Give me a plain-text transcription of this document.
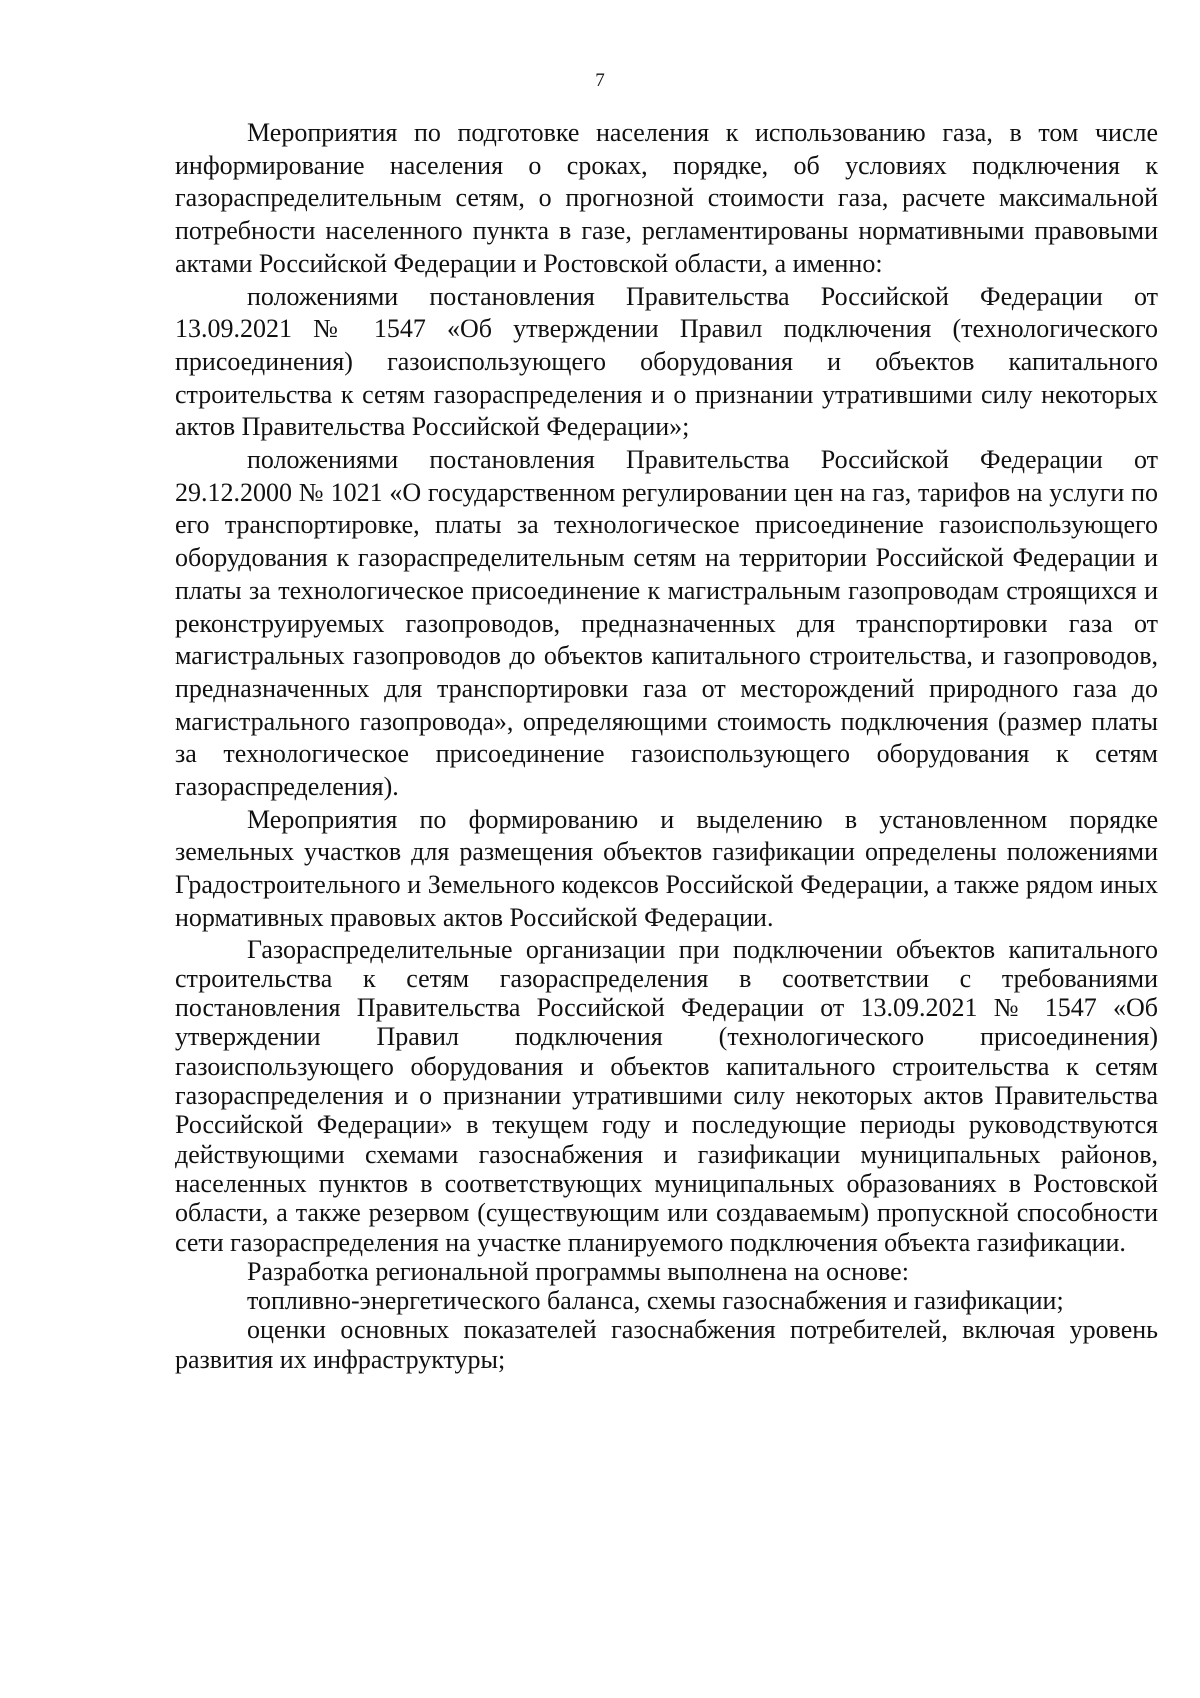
7

Мероприятия по подготовке населения к использованию газа, в том числе информирование населения о сроках, порядке, об условиях подключения к газораспределительным сетям, о прогнозной стоимости газа, расчете максимальной потребности населенного пункта в газе, регламентированы нормативными правовыми актами Российской Федерации и Ростовской области, а именно:

положениями постановления Правительства Российской Федерации от 13.09.2021 № 1547 «Об утверждении Правил подключения (технологического присоединения) газоиспользующего оборудования и объектов капитального строительства к сетям газораспределения и о признании утратившими силу некоторых актов Правительства Российской Федерации»;

положениями постановления Правительства Российской Федерации от 29.12.2000 № 1021 «О государственном регулировании цен на газ, тарифов на услуги по его транспортировке, платы за технологическое присоединение газоиспользующего оборудования к газораспределительным сетям на территории Российской Федерации и платы за технологическое присоединение к магистральным газопроводам строящихся и реконструируемых газопроводов, предназначенных для транспортировки газа от магистральных газопроводов до объектов капитального строительства, и газопроводов, предназначенных для транспортировки газа от месторождений природного газа до магистрального газопровода», определяющими стоимость подключения (размер платы за технологическое присоединение газоиспользующего оборудования к сетям газораспределения).

Мероприятия по формированию и выделению в установленном порядке земельных участков для размещения объектов газификации определены положениями Градостроительного и Земельного кодексов Российской Федерации, а также рядом иных нормативных правовых актов Российской Федерации.

Газораспределительные организации при подключении объектов капитального строительства к сетям газораспределения в соответствии с требованиями постановления Правительства Российской Федерации от 13.09.2021 № 1547 «Об утверждении Правил подключения (технологического присоединения) газоиспользующего оборудования и объектов капитального строительства к сетям газораспределения и о признании утратившими силу некоторых актов Правительства Российской Федерации» в текущем году и последующие периоды руководствуются действующими схемами газоснабжения и газификации муниципальных районов, населенных пунктов в соответствующих муниципальных образованиях в Ростовской области, а также резервом (существующим или создаваемым) пропускной способности сети газораспределения на участке планируемого подключения объекта газификации.

Разработка региональной программы выполнена на основе:

топливно-энергетического баланса, схемы газоснабжения и газификации;

оценки основных показателей газоснабжения потребителей, включая уровень развития их инфраструктуры;
